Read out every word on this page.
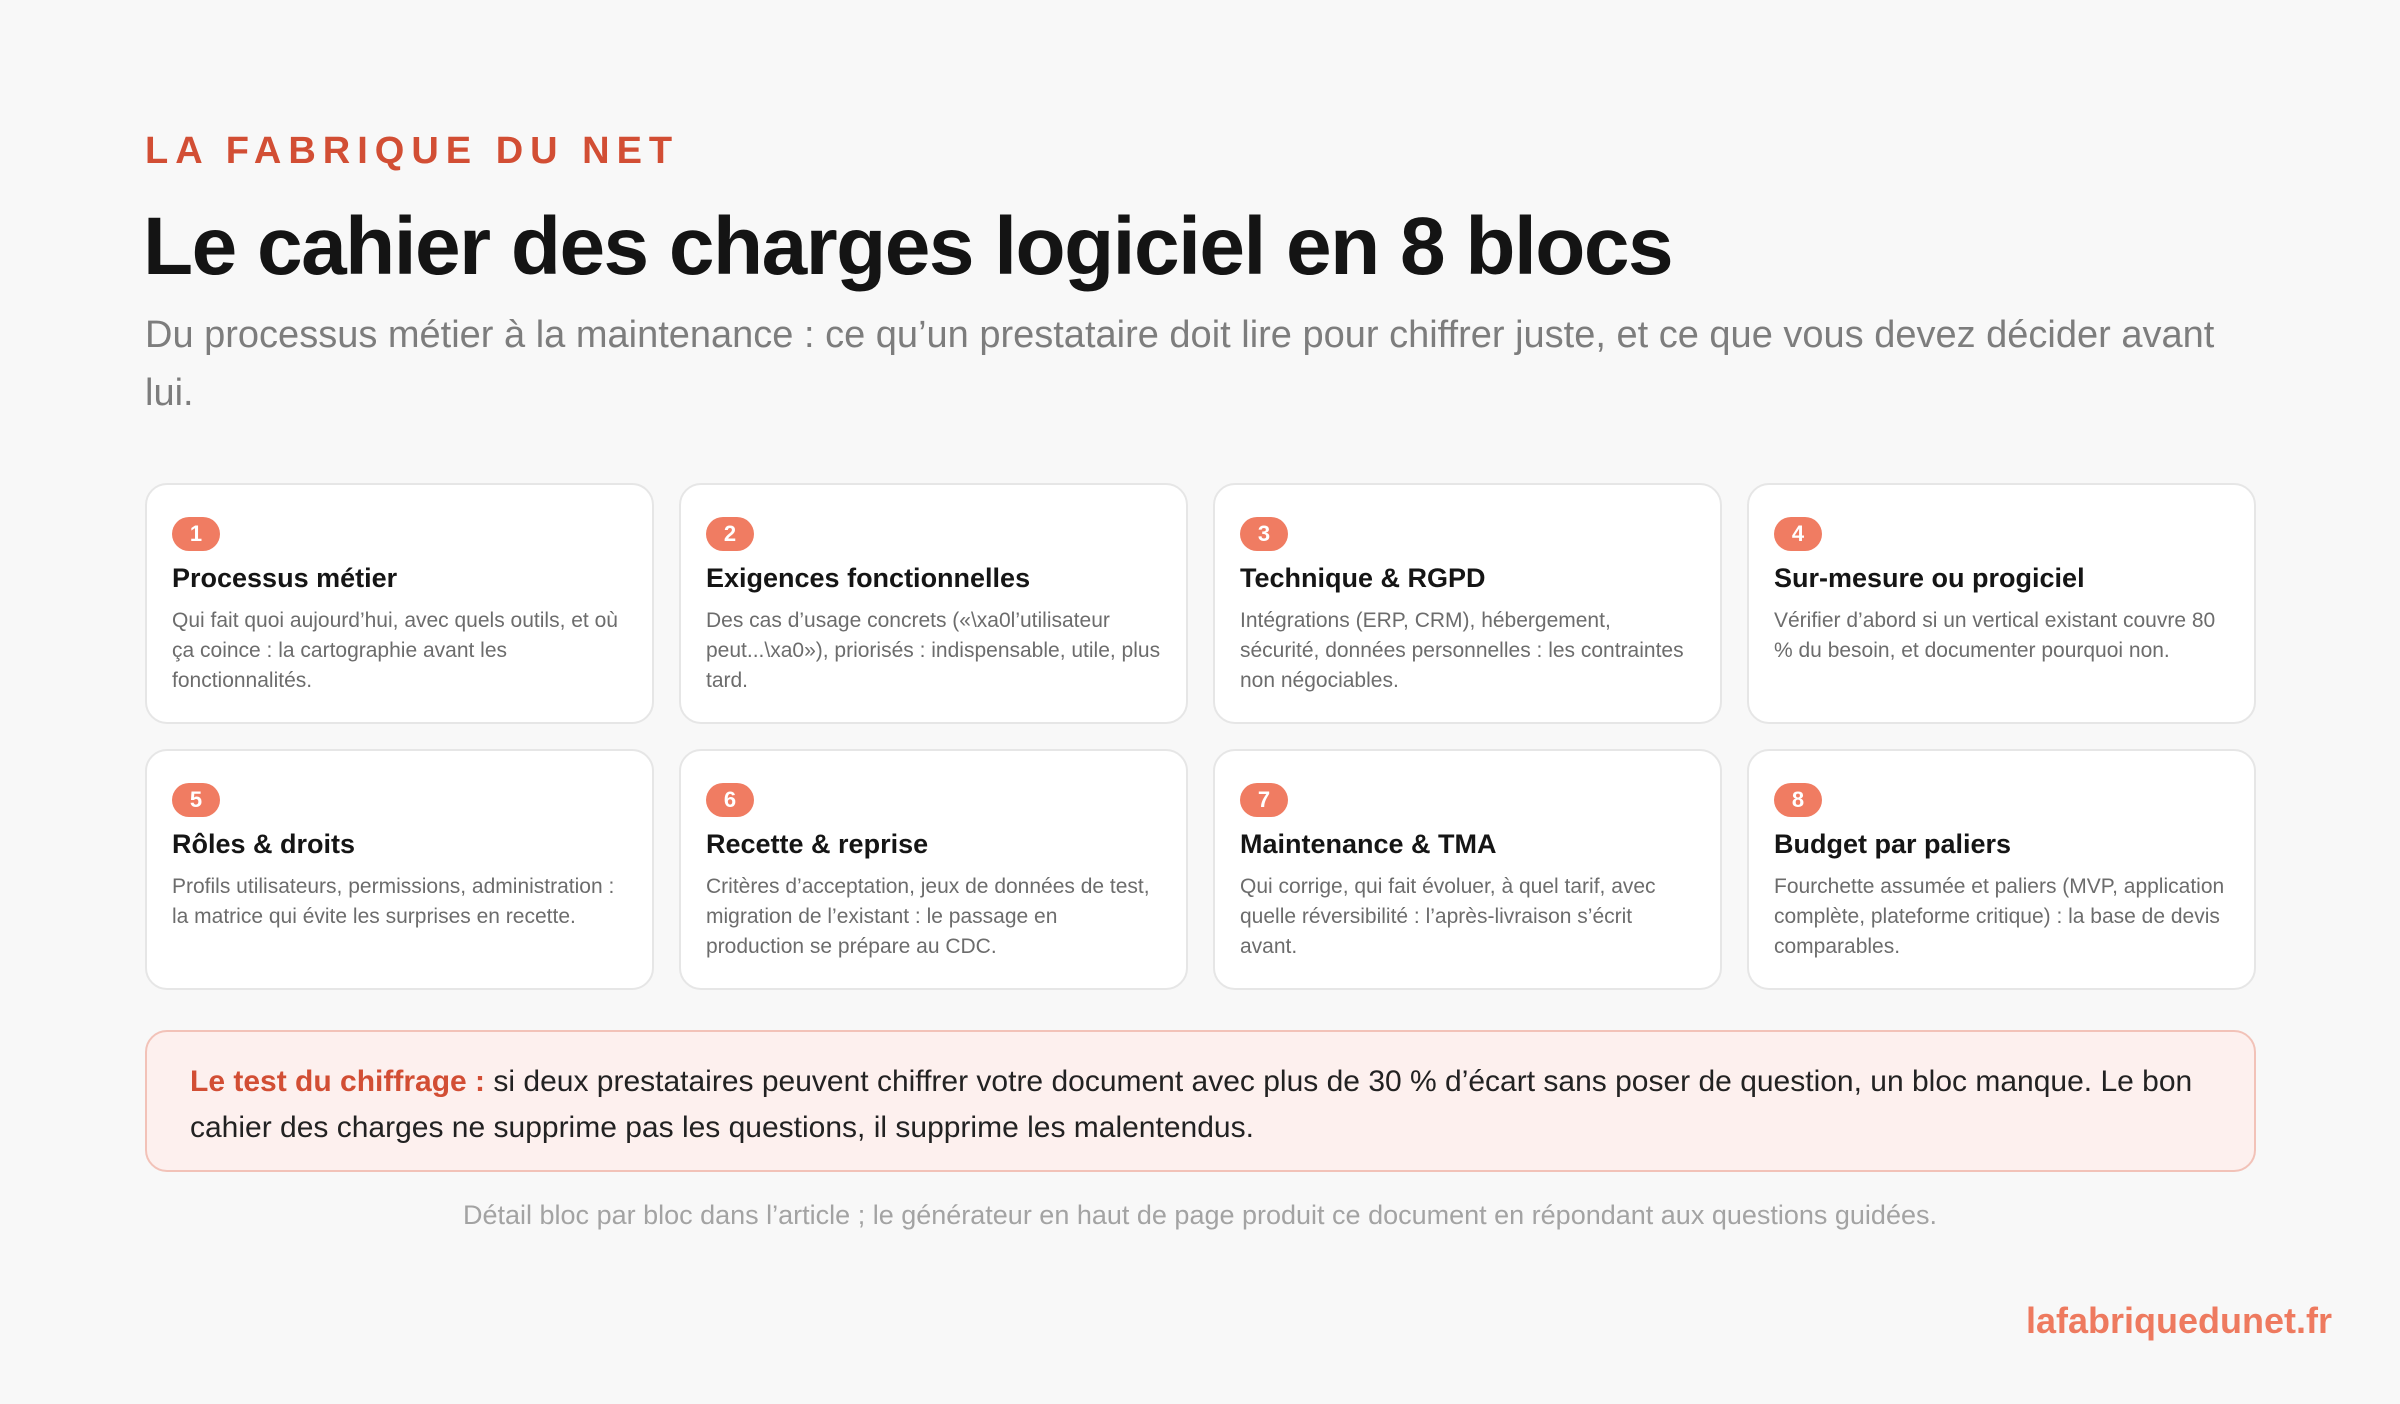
LA FABRIQUE DU NET
Le cahier des charges logiciel en 8 blocs

Du processus métier à la maintenance : ce qu’un prestataire doit lire pour chiffrer juste, et ce que vous devez décider avant lui.

1
Processus métier
Qui fait quoi aujourd’hui, avec quels outils, et où ça coince : la cartographie avant les fonctionnalités.
2
Exigences fonctionnelles
Des cas d’usage concrets («\xa0l’utilisateur peut...\xa0»), priorisés : indispensable, utile, plus tard.
3
Technique & RGPD
Intégrations (ERP, CRM), hébergement, sécurité, données personnelles : les contraintes non négociables.
4
Sur-mesure ou progiciel
Vérifier d’abord si un vertical existant couvre 80 % du besoin, et documenter pourquoi non.
5
Rôles & droits
Profils utilisateurs, permissions, administration : la matrice qui évite les surprises en recette.
6
Recette & reprise
Critères d’acceptation, jeux de données de test, migration de l’existant : le passage en production se prépare au CDC.
7
Maintenance & TMA
Qui corrige, qui fait évoluer, à quel tarif, avec quelle réversibilité : l’après-livraison s’écrit avant.
8
Budget par paliers
Fourchette assumée et paliers (MVP, application complète, plateforme critique) : la base de devis comparables.
Le test du chiffrage : si deux prestataires peuvent chiffrer votre document avec plus de 30 % d’écart sans poser de question, un bloc manque. Le bon cahier des charges ne supprime pas les questions, il supprime les malentendus.
Détail bloc par bloc dans l’article ; le générateur en haut de page produit ce document en répondant aux questions guidées.
lafabriquedunet.fr
